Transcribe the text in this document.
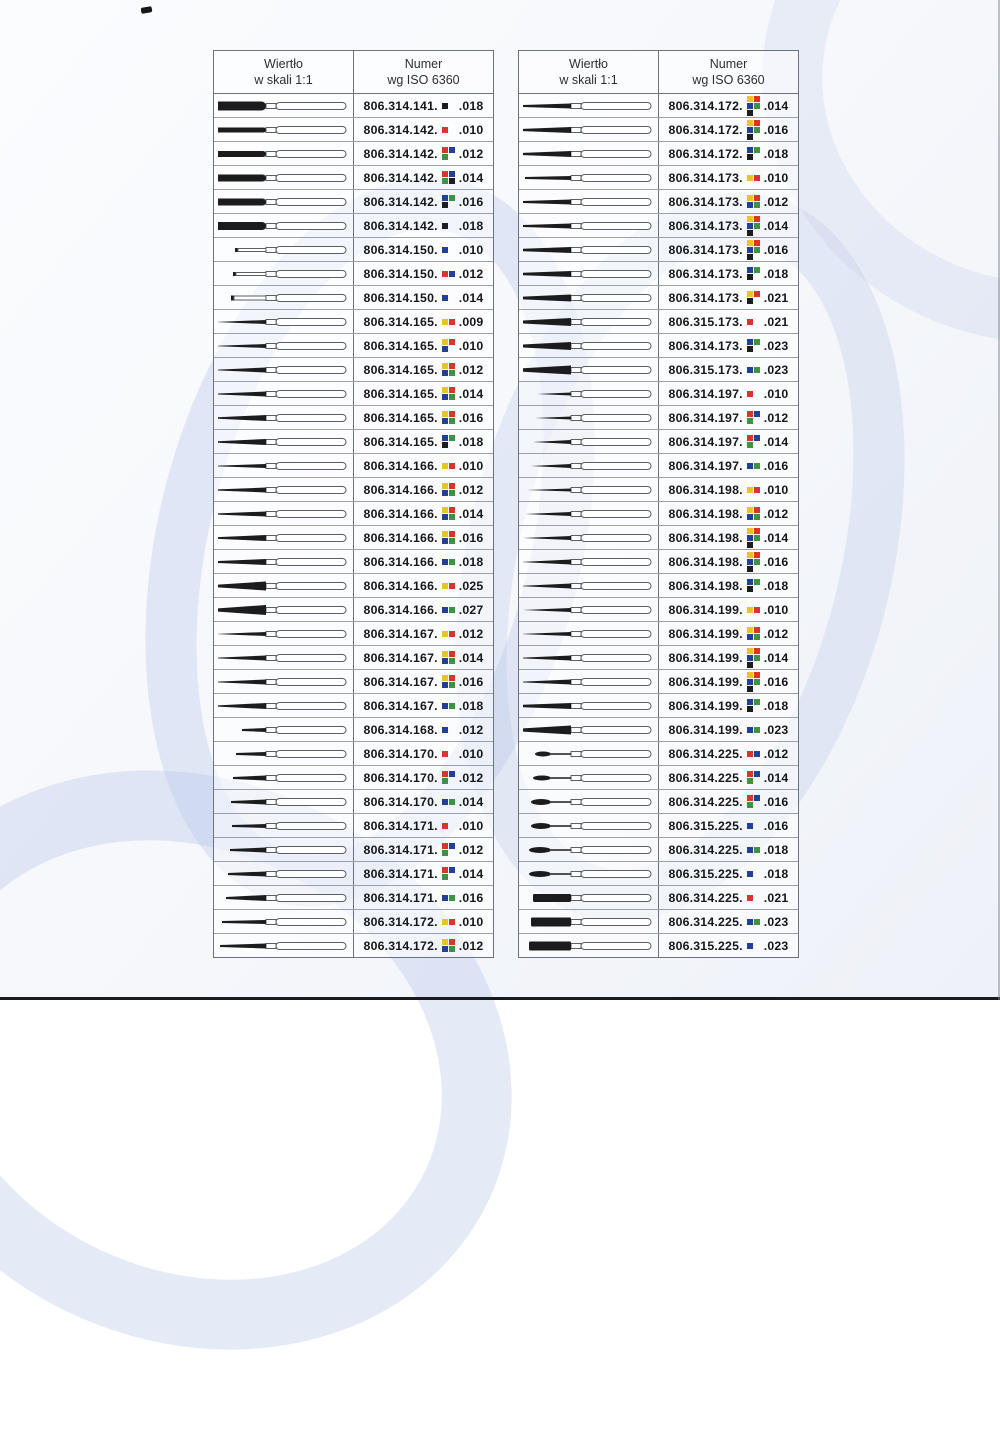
Wiertło
w skali 1:1
Numer
wg ISO 6360
806.314.141. .018
806.314.142. .010
806.314.142. .012
806.314.142. .014
806.314.142. .016
806.314.142. .018
806.314.150. .010
806.314.150. .012
806.314.150. .014
806.314.165. .009
806.314.165. .010
806.314.165. .012
806.314.165. .014
806.314.165. .016
806.314.165. .018
806.314.166. .010
806.314.166. .012
806.314.166. .014
806.314.166. .016
806.314.166. .018
806.314.166. .025
806.314.166. .027
806.314.167. .012
806.314.167. .014
806.314.167. .016
806.314.167. .018
806.314.168. .012
806.314.170. .010
806.314.170. .012
806.314.170. .014
806.314.171. .010
806.314.171. .012
806.314.171. .014
806.314.171. .016
806.314.172. .010
806.314.172. .012
Wiertło
w skali 1:1
Numer
wg ISO 6360
806.314.172. .014
806.314.172. .016
806.314.172. .018
806.314.173. .010
806.314.173. .012
806.314.173. .014
806.314.173. .016
806.314.173. .018
806.314.173. .021
806.315.173. .021
806.314.173. .023
806.315.173. .023
806.314.197. .010
806.314.197. .012
806.314.197. .014
806.314.197. .016
806.314.198. .010
806.314.198. .012
806.314.198. .014
806.314.198. .016
806.314.198. .018
806.314.199. .010
806.314.199. .012
806.314.199. .014
806.314.199. .016
806.314.199. .018
806.314.199. .023
806.314.225. .012
806.314.225. .014
806.314.225. .016
806.315.225. .016
806.314.225. .018
806.315.225. .018
806.314.225. .021
806.314.225. .023
806.315.225. .023
